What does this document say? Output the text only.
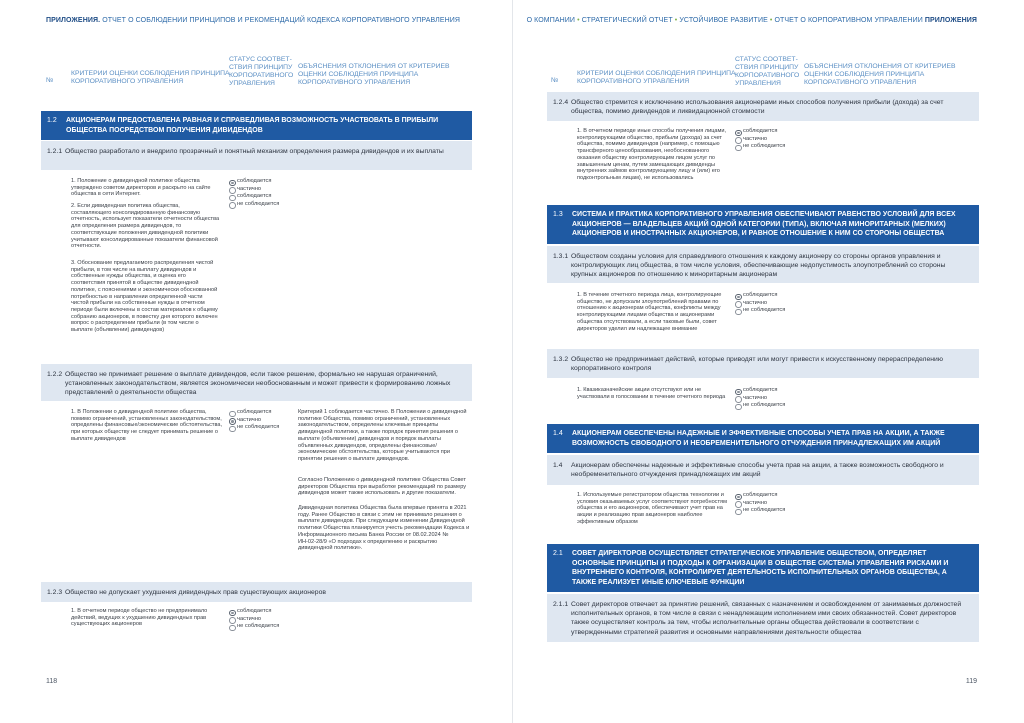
ПРИЛОЖЕНИЯ. ОТЧЕТ О СОБЛЮДЕНИИ ПРИНЦИПОВ И РЕКОМЕНДАЦИЙ КОДЕКСА КОРПОРАТИВНОГО УПРАВЛЕНИЯ
№
КРИТЕРИИ ОЦЕНКИ СОБЛЮДЕНИЯ ПРИНЦИПА КОРПОРАТИВНОГО УПРАВЛЕНИЯ
СТАТУС СООТВЕТСТВИЯ ПРИНЦИПУ КОРПОРАТИВНОГО УПРАВЛЕНИЯ
ОБЪЯСНЕНИЯ ОТКЛОНЕНИЯ ОТ КРИТЕРИЕВ ОЦЕНКИ СОБЛЮДЕНИЯ ПРИНЦИПА КОРПОРАТИВНОГО УПРАВЛЕНИЯ
1.2 АКЦИОНЕРАМ ПРЕДОСТАВЛЕНА РАВНАЯ И СПРАВЕДЛИВАЯ ВОЗМОЖНОСТЬ УЧАСТВОВАТЬ В ПРИБЫЛИ ОБЩЕСТВА ПОСРЕДСТВОМ ПОЛУЧЕНИЯ ДИВИДЕНДОВ
1.2.1 Общество разработало и внедрило прозрачный и понятный механизм определения размера дивидендов и их выплаты
1. Положение о дивидендной политике общества утверждено советом директоров и раскрыто на сайте общества в сети Интернет.
2. Если дивидендная политика общества, составляющего консолидированную финансовую отчетность, использует показатели отчетности общества для определения размера дивидендов, то соответствующие положения дивидендной политики учитывают консолидированные показатели финансовой отчетности.
3. Обоснование предлагаемого распределения чистой прибыли, в том числе на выплату дивидендов и собственные нужды общества, и оценка его соответствия принятой в обществе дивидендной политике, с пояснениями и экономически обоснованной потребностью в направлении определенной части чистой прибыли на собственные нужды в отчетном периоде были включены в состав материалов к общему собранию акционеров, в повестку дня которого включен вопрос о распределении прибыли (в том числе о выплате (объявлении) дивидендов)
соблюдается
частично
соблюдается
не соблюдается
1.2.2 Общество не принимает решение о выплате дивидендов, если такое решение, формально не нарушая ограничений, установленных законодательством, является экономически необоснованным и может привести к формированию ложных представлений о деятельности общества
1. В Положении о дивидендной политике общества, помимо ограничений, установленных законодательством, определены финансовые/экономические обстоятельства, при которых обществу не следует принимать решение о выплате дивидендов
соблюдается
частично
не соблюдается
Критерий 1 соблюдается частично. В Положении о дивидендной политике Общества, помимо ограничений, установленных законодательством, определены ключевые принципы дивидендной политики, а также порядок принятия решения о выплате (объявлении) дивидендов и порядок выплаты объявленных дивидендов, определены финансовые/экономические обстоятельства, которые учитываются при принятии решения о выплате дивидендов.
Согласно Положению о дивидендной политике Общества Совет директоров Общества при выработке рекомендаций по размеру дивидендов может также использовать и другие показатели.
Дивидендная политика Общества была впервые принята в 2021 году. Ранее Общество в связи с этим не принимало решения о выплате дивидендов. При следующем изменении Дивидендной политики Общества планируется учесть рекомендации Кодекса и Информационного письма Банка России от 08.02.2024 № ИН‑02‑28/9 «О подходах к определению и раскрытию дивидендной политики».
1.2.3 Общество не допускает ухудшения дивидендных прав существующих акционеров
1. В отчетном периоде общество не предпринимало действий, ведущих к ухудшению дивидендных прав существующих акционеров
соблюдается
частично
не соблюдается
118
О КОМПАНИИ • СТРАТЕГИЧЕСКИЙ ОТЧЕТ • УСТОЙЧИВОЕ РАЗВИТИЕ • ОТЧЕТ О КОРПОРАТИВНОМ УПРАВЛЕНИИ ПРИЛОЖЕНИЯ
№
КРИТЕРИИ ОЦЕНКИ СОБЛЮДЕНИЯ ПРИНЦИПА КОРПОРАТИВНОГО УПРАВЛЕНИЯ
СТАТУС СООТВЕТСТВИЯ ПРИНЦИПУ КОРПОРАТИВНОГО УПРАВЛЕНИЯ
ОБЪЯСНЕНИЯ ОТКЛОНЕНИЯ ОТ КРИТЕРИЕВ ОЦЕНКИ СОБЛЮДЕНИЯ ПРИНЦИПА КОРПОРАТИВНОГО УПРАВЛЕНИЯ
1.2.4 Общество стремится к исключению использования акционерами иных способов получения прибыли (дохода) за счет общества, помимо дивидендов и ликвидационной стоимости
1. В отчетном периоде иные способы получения лицами, контролирующими общество, прибыли (дохода) за счет общества, помимо дивидендов (например, с помощью трансферного ценообразования, необоснованного оказания обществу контролирующим лицом услуг по завышенным ценам, путем замещающих дивиденды внутренних займов контролирующему лицу и (или) его подконтрольным лицам), не использовались
соблюдается
частично
не соблюдается
1.3 СИСТЕМА И ПРАКТИКА КОРПОРАТИВНОГО УПРАВЛЕНИЯ ОБЕСПЕЧИВАЮТ РАВЕНСТВО УСЛОВИЙ ДЛЯ ВСЕХ АКЦИОНЕРОВ — ВЛАДЕЛЬЦЕВ АКЦИЙ ОДНОЙ КАТЕГОРИИ (ТИПА), ВКЛЮЧАЯ МИНОРИТАРНЫХ (МЕЛКИХ) АКЦИОНЕРОВ И ИНОСТРАННЫХ АКЦИОНЕРОВ, И РАВНОЕ ОТНОШЕНИЕ К НИМ СО СТОРОНЫ ОБЩЕСТВА
1.3.1 Обществом созданы условия для справедливого отношения к каждому акционеру со стороны органов управления и контролирующих лиц общества, в том числе условия, обеспечивающие недопустимость злоупотреблений со стороны крупных акционеров по отношению к миноритарным акционерам
1. В течение отчетного периода лица, контролирующие общество, не допускали злоупотреблений правами по отношению к акционерам общества, конфликты между контролирующими лицами общества и акционерами общества отсутствовали, а если таковые были, совет директоров уделил им надлежащее внимание
соблюдается
частично
не соблюдается
1.3.2 Общество не предпринимает действий, которые приводят или могут привести к искусственному перераспределению корпоративного контроля
1. Квазиказначейские акции отсутствуют или не участвовали в голосовании в течение отчетного периода
соблюдается
частично
не соблюдается
1.4 АКЦИОНЕРАМ ОБЕСПЕЧЕНЫ НАДЕЖНЫЕ И ЭФФЕКТИВНЫЕ СПОСОБЫ УЧЕТА ПРАВ НА АКЦИИ, А ТАКЖЕ ВОЗМОЖНОСТЬ СВОБОДНОГО И НЕОБРЕМЕНИТЕЛЬНОГО ОТЧУЖДЕНИЯ ПРИНАДЛЕЖАЩИХ ИМ АКЦИЙ
1.4 Акционерам обеспечены надежные и эффективные способы учета прав на акции, а также возможность свободного и необременительного отчуждения принадлежащих им акций
1. Используемые регистратором общества технологии и условия оказываемых услуг соответствуют потребностям общества и его акционеров, обеспечивают учет прав на акции и реализацию прав акционеров наиболее эффективным образом
соблюдается
частично
не соблюдается
2.1 СОВЕТ ДИРЕКТОРОВ ОСУЩЕСТВЛЯЕТ СТРАТЕГИЧЕСКОЕ УПРАВЛЕНИЕ ОБЩЕСТВОМ, ОПРЕДЕЛЯЕТ ОСНОВНЫЕ ПРИНЦИПЫ И ПОДХОДЫ К ОРГАНИЗАЦИИ В ОБЩЕСТВЕ СИСТЕМЫ УПРАВЛЕНИЯ РИСКАМИ И ВНУТРЕННЕГО КОНТРОЛЯ, КОНТРОЛИРУЕТ ДЕЯТЕЛЬНОСТЬ ИСПОЛНИТЕЛЬНЫХ ОРГАНОВ ОБЩЕСТВА, А ТАКЖЕ РЕАЛИЗУЕТ ИНЫЕ КЛЮЧЕВЫЕ ФУНКЦИИ
2.1.1 Совет директоров отвечает за принятие решений, связанных с назначением и освобождением от занимаемых должностей исполнительных органов, в том числе в связи с ненадлежащим исполнением ими своих обязанностей. Совет директоров также осуществляет контроль за тем, чтобы исполнительные органы общества действовали в соответствии с утвержденными стратегией развития и основными направлениями деятельности общества
119
